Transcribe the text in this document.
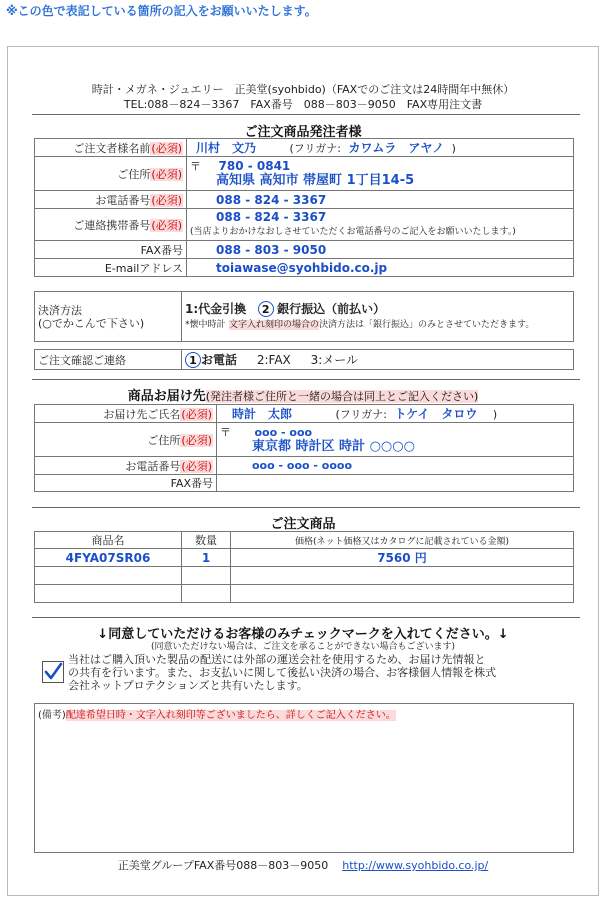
※この色で表記している箇所の記入をお願いいたします。
時計・メガネ・ジュエリー　正美堂(syohbido)（FAXでのご注文は24時間年中無休）
TEL:088－824－3367　FAX番号　088－803－9050　FAX専用注文書
ご注文商品発注者様
ご注文者様名前(必須)	川村　文乃 (フリガナ: カワムラ　アヤノ )
ご住所(必須)	〒 780 - 0841
高知県 高知市 帯屋町 1丁目14-5
お電話番号(必須)	088 - 824 - 3367
ご連絡携帯番号(必須)	088 - 824 - 3367
(当店よりおかけなおしさせていただくお電話番号のご記入をお願いいたします。)
FAX番号	088 - 803 - 9050
E-mailアドレス	toiawase@syohbido.co.jp
決済方法
(○でかこんで下さい)	1:代金引換 2 銀行振込（前払い）
*懐中時計 文字入れ刻印の場合の決済方法は「銀行振込」のみとさせていただきます。
ご注文確認ご連絡	1 お電話 2:FAX 3:メール
商品お届け先(発注者様ご住所と一緒の場合は同上とご記入ください)
お届け先ご氏名(必須)	時計　太郎 (フリガナ: トケイ　タロウ )
ご住所(必須)	〒 ooo - ooo
東京都 時計区 時計 ○○○○
お電話番号(必須)	ooo - ooo - oooo
FAX番号	
ご注文商品
商品名	数量	価格(ネット価格又はカタログに記載されている金額)
4FYA07SR06	1	7560 円

↓同意していただけるお客様のみチェックマークを入れてください。↓
(同意いただけない場合は、ご注文を承ることができない場合もございます)
当社はご購入頂いた製品の配送には外部の運送会社を使用するため、お届け先情報と
の共有を行います。また、お支払いに関して後払い決済の場合、お客様個人情報を株式
会社ネットプロテクションズと共有いたします。
(備考)配達希望日時・文字入れ刻印等ございましたら、詳しくご記入ください。
正美堂グループFAX番号088－803－9050 http://www.syohbido.co.jp/
